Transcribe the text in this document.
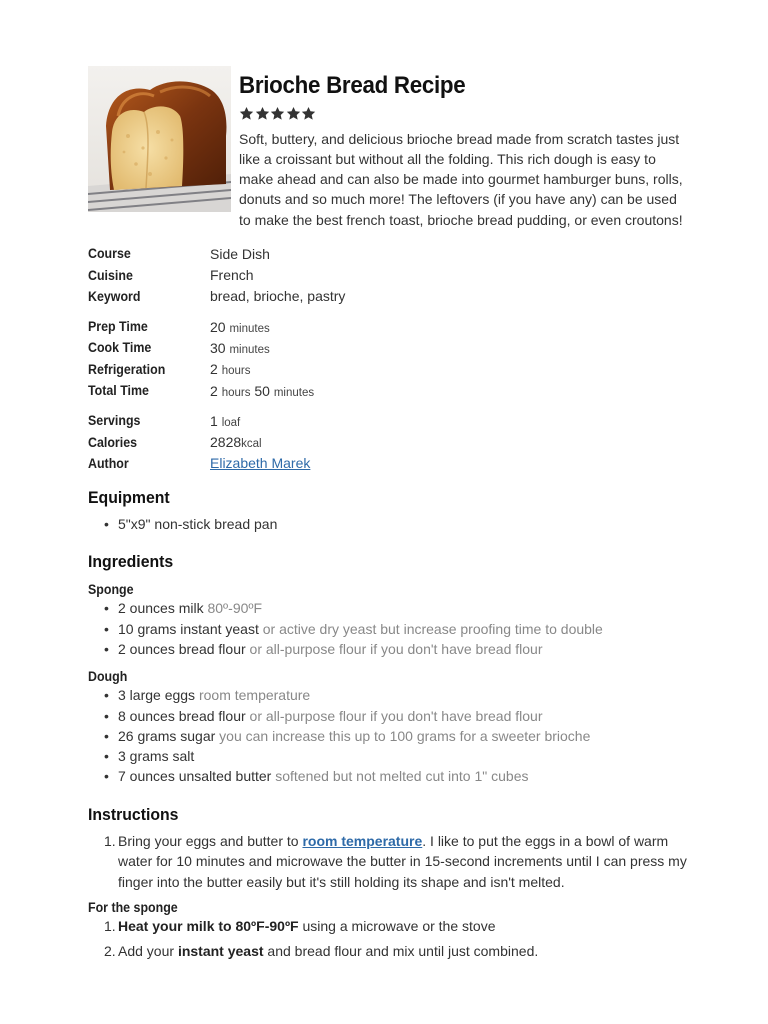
Brioche Bread Recipe
Soft, buttery, and delicious brioche bread made from scratch tastes just like a croissant but without all the folding. This rich dough is easy to make ahead and can also be made into gourmet hamburger buns, rolls, donuts and so much more! The leftovers (if you have any) can be used to make the best french toast, brioche bread pudding, or even croutons!
Course	Side Dish
Cuisine	French
Keyword	bread, brioche, pastry
Prep Time	20 minutes
Cook Time	30 minutes
Refrigeration	2 hours
Total Time	2 hours 50 minutes
Servings	1 loaf
Calories	2828kcal
Author	Elizabeth Marek
Equipment
• 5"x9" non-stick bread pan
Ingredients
Sponge
• 2 ounces milk 80º-90ºF
• 10 grams instant yeast or active dry yeast but increase proofing time to double
• 2 ounces bread flour or all-purpose flour if you don't have bread flour
Dough
• 3 large eggs room temperature
• 8 ounces bread flour or all-purpose flour if you don't have bread flour
• 26 grams sugar you can increase this up to 100 grams for a sweeter brioche
• 3 grams salt
• 7 ounces unsalted butter softened but not melted cut into 1" cubes
Instructions
1. Bring your eggs and butter to room temperature. I like to put the eggs in a bowl of warm water for 10 minutes and microwave the butter in 15-second increments until I can press my finger into the butter easily but it's still holding its shape and isn't melted.
For the sponge
1. Heat your milk to 80ºF-90ºF using a microwave or the stove
2. Add your instant yeast and bread flour and mix until just combined.
